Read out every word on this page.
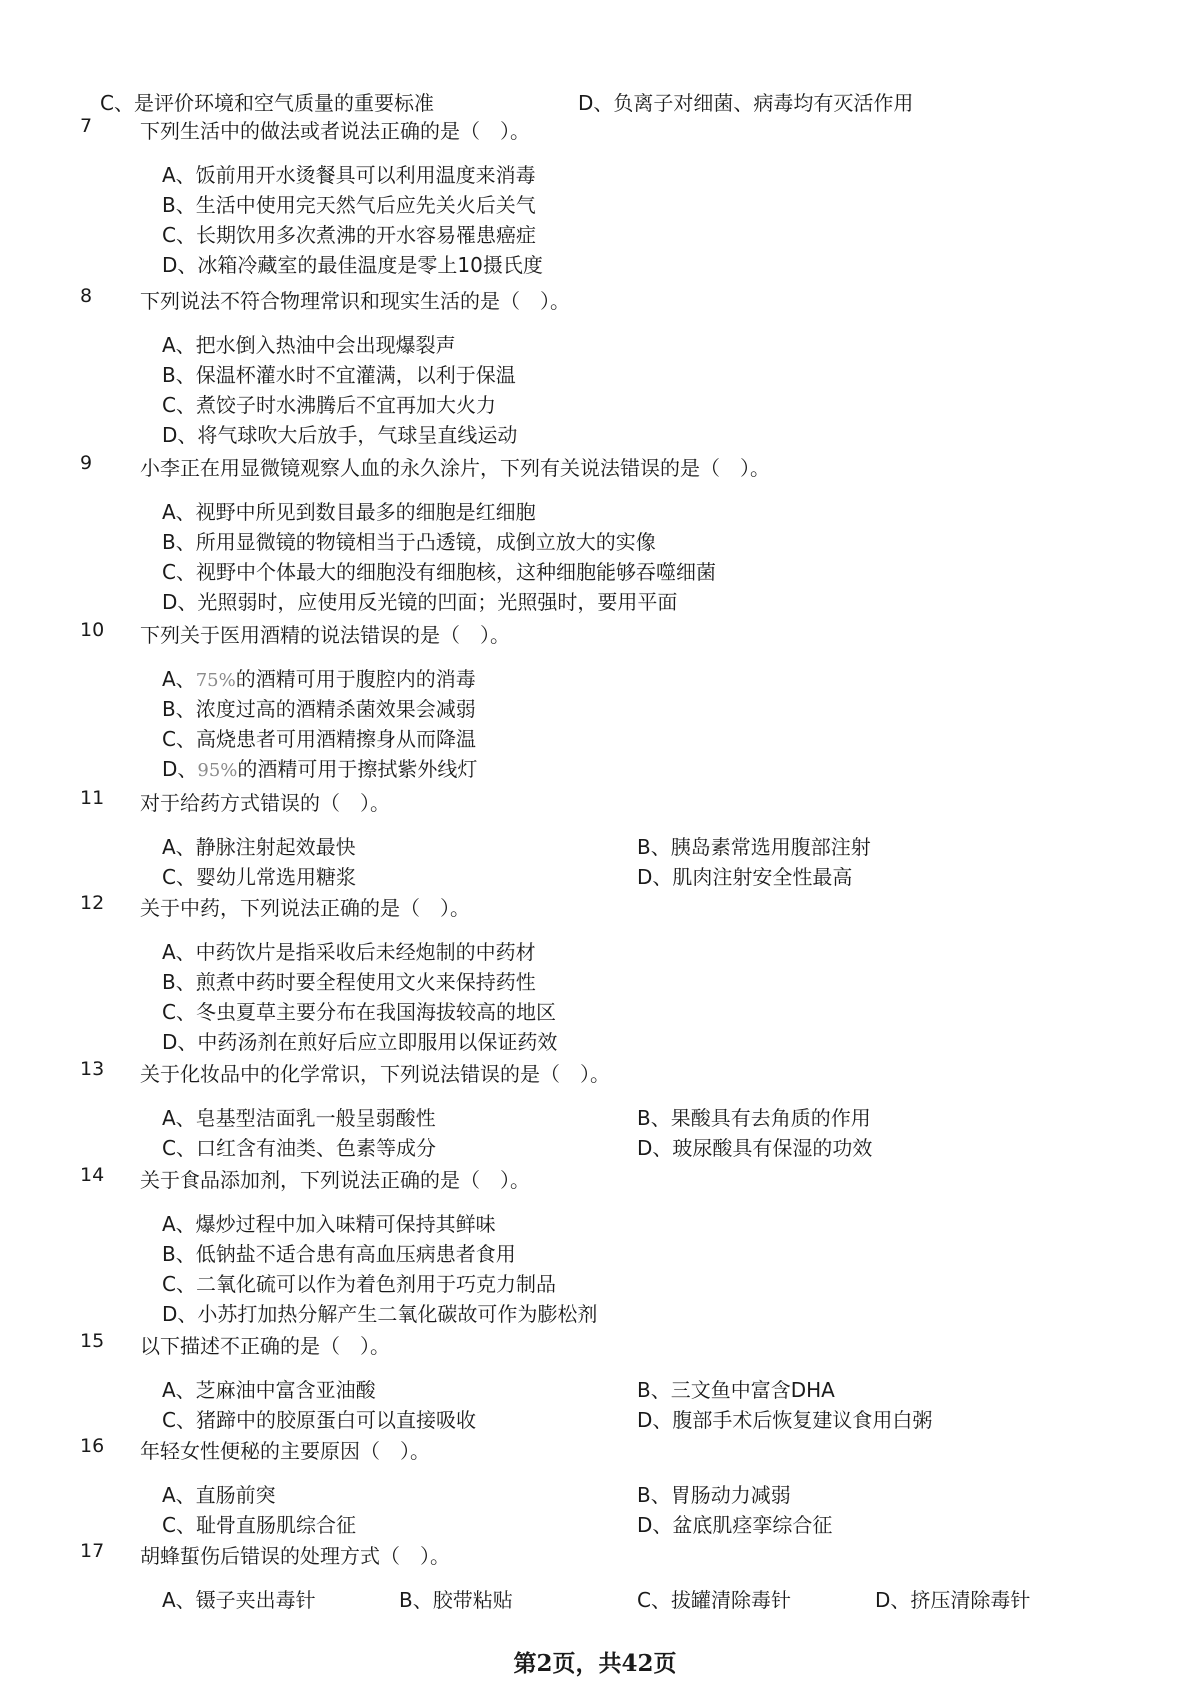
C、是评价环境和空气质量的重要标准	D、负离子对细菌、病毒均有灭活作用
7 下列生活中的做法或者说法正确的是（　）。
A、饭前用开水烫餐具可以利用温度来消毒
B、生活中使用完天然气后应先关火后关气
C、长期饮用多次煮沸的开水容易罹患癌症
D、冰箱冷藏室的最佳温度是零上10摄氏度
8 下列说法不符合物理常识和现实生活的是（　）。
A、把水倒入热油中会出现爆裂声
B、保温杯灌水时不宜灌满，以利于保温
C、煮饺子时水沸腾后不宜再加大火力
D、将气球吹大后放手，气球呈直线运动
9 小李正在用显微镜观察人血的永久涂片，下列有关说法错误的是（　）。
A、视野中所见到数目最多的细胞是红细胞
B、所用显微镜的物镜相当于凸透镜，成倒立放大的实像
C、视野中个体最大的细胞没有细胞核，这种细胞能够吞噬细菌
D、光照弱时，应使用反光镜的凹面；光照强时，要用平面
10 下列关于医用酒精的说法错误的是（　）。
A、75%的酒精可用于腹腔内的消毒
B、浓度过高的酒精杀菌效果会减弱
C、高烧患者可用酒精擦身从而降温
D、95%的酒精可用于擦拭紫外线灯
11 对于给药方式错误的（　）。
A、静脉注射起效最快	B、胰岛素常选用腹部注射
C、婴幼儿常选用糖浆	D、肌肉注射安全性最高
12 关于中药，下列说法正确的是（　）。
A、中药饮片是指采收后未经炮制的中药材
B、煎煮中药时要全程使用文火来保持药性
C、冬虫夏草主要分布在我国海拔较高的地区
D、中药汤剂在煎好后应立即服用以保证药效
13 关于化妆品中的化学常识，下列说法错误的是（　）。
A、皂基型洁面乳一般呈弱酸性	B、果酸具有去角质的作用
C、口红含有油类、色素等成分	D、玻尿酸具有保湿的功效
14 关于食品添加剂，下列说法正确的是（　）。
A、爆炒过程中加入味精可保持其鲜味
B、低钠盐不适合患有高血压病患者食用
C、二氧化硫可以作为着色剂用于巧克力制品
D、小苏打加热分解产生二氧化碳故可作为膨松剂
15 以下描述不正确的是（　）。
A、芝麻油中富含亚油酸	B、三文鱼中富含DHA
C、猪蹄中的胶原蛋白可以直接吸收	D、腹部手术后恢复建议食用白粥
16 年轻女性便秘的主要原因（　）。
A、直肠前突	B、胃肠动力减弱
C、耻骨直肠肌综合征	D、盆底肌痉挛综合征
17 胡蜂蜇伤后错误的处理方式（　）。
A、镊子夹出毒针	B、胶带粘贴	C、拔罐清除毒针	D、挤压清除毒针
第2页，共42页
